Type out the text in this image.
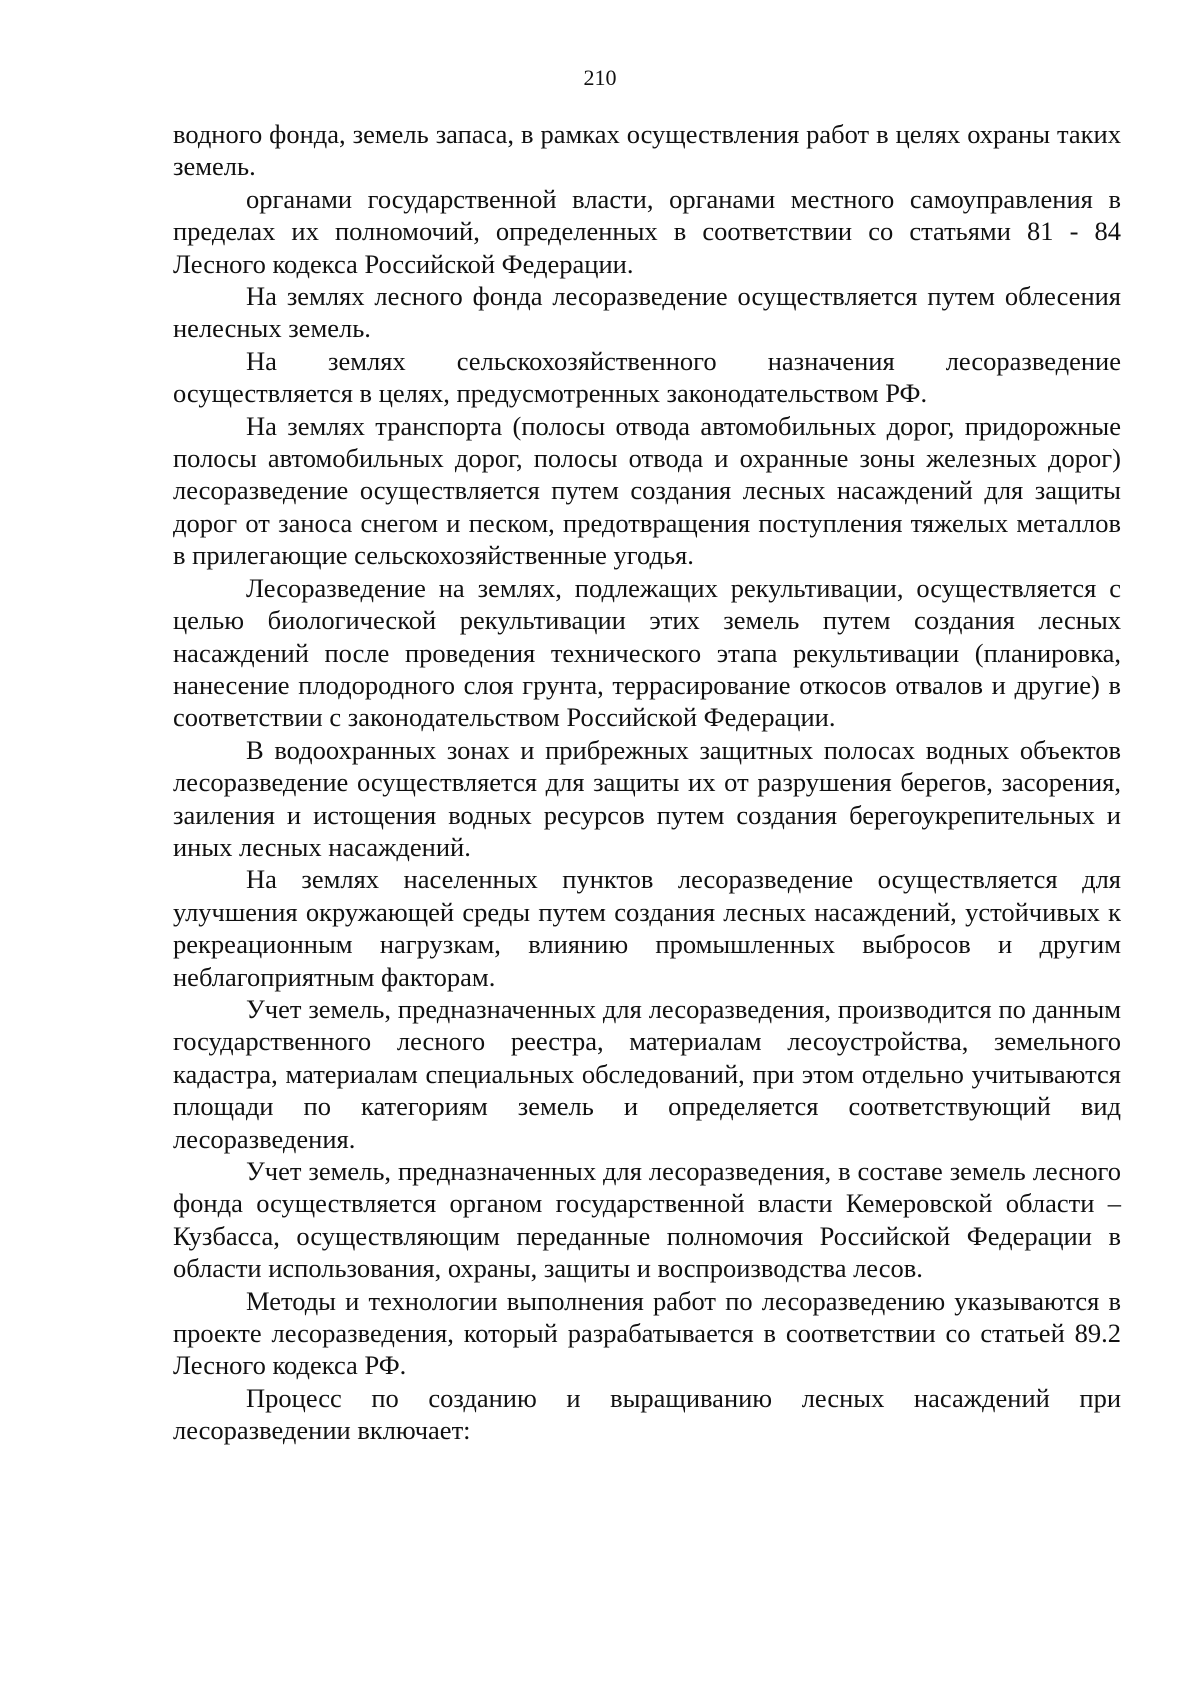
210

водного фонда, земель запаса, в рамках осуществления работ в целях охраны таких земель.

органами государственной власти, органами местного самоуправления в пределах их полномочий, определенных в соответствии со статьями 81 - 84 Лесного кодекса Российской Федерации.

На землях лесного фонда лесоразведение осуществляется путем облесения нелесных земель.

На землях сельскохозяйственного назначения лесоразведение осуществляется в целях, предусмотренных законодательством РФ.

На землях транспорта (полосы отвода автомобильных дорог, придорожные полосы автомобильных дорог, полосы отвода и охранные зоны железных дорог) лесоразведение осуществляется путем создания лесных насаждений для защиты дорог от заноса снегом и песком, предотвращения поступления тяжелых металлов в прилегающие сельскохозяйственные угодья.

Лесоразведение на землях, подлежащих рекультивации, осуществляется с целью биологической рекультивации этих земель путем создания лесных насаждений после проведения технического этапа рекультивации (планировка, нанесение плодородного слоя грунта, террасирование откосов отвалов и другие) в соответствии с законодательством Российской Федерации.

В водоохранных зонах и прибрежных защитных полосах водных объектов лесоразведение осуществляется для защиты их от разрушения берегов, засорения, заиления и истощения водных ресурсов путем создания берегоукрепительных и иных лесных насаждений.

На землях населенных пунктов лесоразведение осуществляется для улучшения окружающей среды путем создания лесных насаждений, устойчивых к рекреационным нагрузкам, влиянию промышленных выбросов и другим неблагоприятным факторам.

Учет земель, предназначенных для лесоразведения, производится по данным государственного лесного реестра, материалам лесоустройства, земельного кадастра, материалам специальных обследований, при этом отдельно учитываются площади по категориям земель и определяется соответствующий вид лесоразведения.

Учет земель, предназначенных для лесоразведения, в составе земель лесного фонда осуществляется органом государственной власти Кемеровской области – Кузбасса, осуществляющим переданные полномочия Российской Федерации в области использования, охраны, защиты и воспроизводства лесов.

Методы и технологии выполнения работ по лесоразведению указываются в проекте лесоразведения, который разрабатывается в соответствии со статьей 89.2 Лесного кодекса РФ.

Процесс по созданию и выращиванию лесных насаждений при лесоразведении включает:
